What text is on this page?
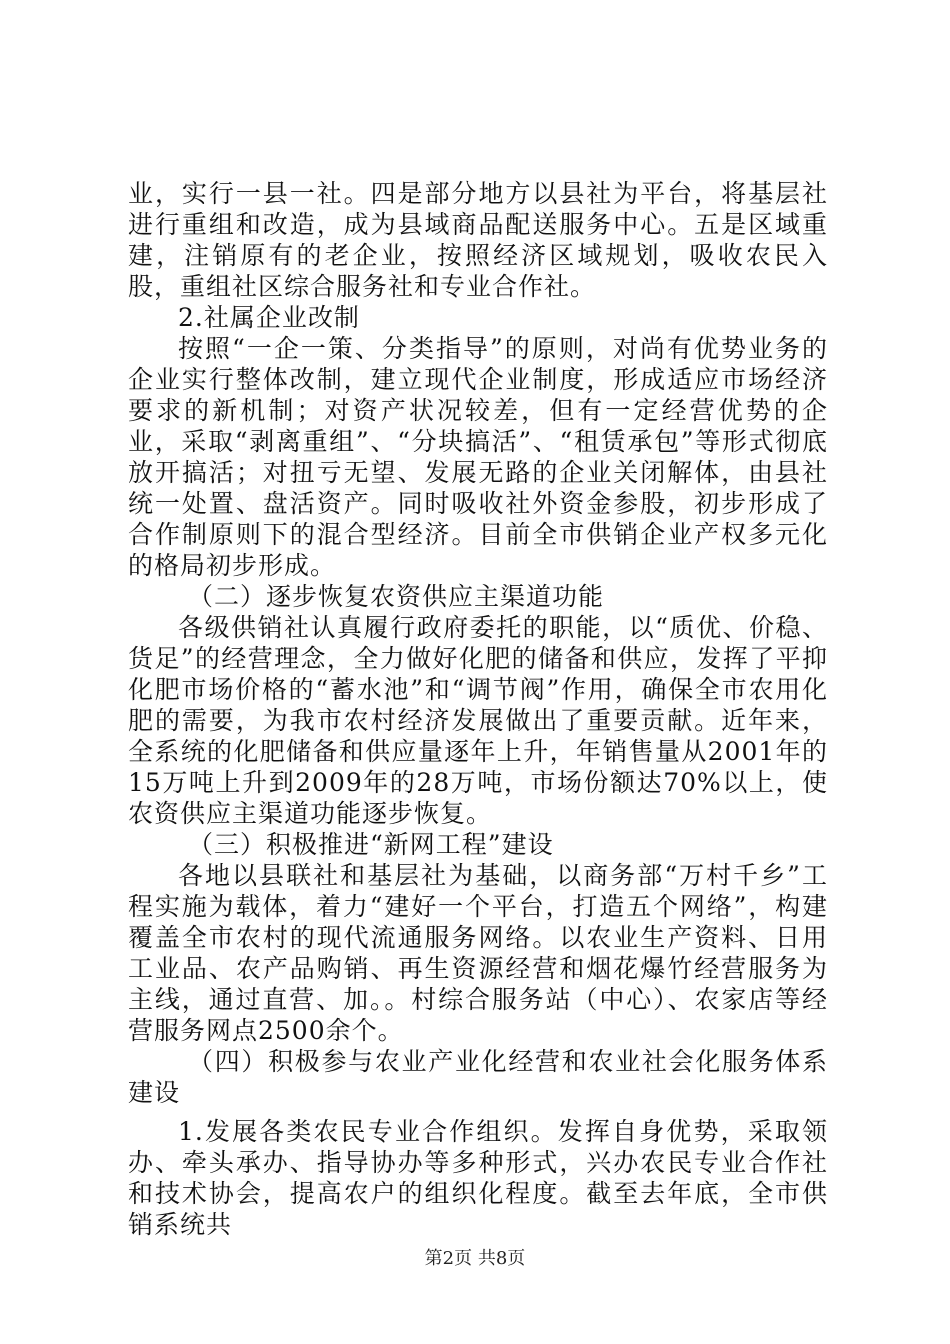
业，实行一县一社。四是部分地方以县社为平台，将基层社进行重组和改造，成为县域商品配送服务中心。五是区域重建，注销原有的老企业，按照经济区域规划，吸收农民入股，重组社区综合服务社和专业合作社。

2.社属企业改制

按照“一企一策、分类指导”的原则，对尚有优势业务的企业实行整体改制，建立现代企业制度，形成适应市场经济要求的新机制；对资产状况较差，但有一定经营优势的企业，采取“剥离重组”、“分块搞活”、“租赁承包”等形式彻底放开搞活；对扭亏无望、发展无路的企业关闭解体，由县社统一处置、盘活资产。同时吸收社外资金参股，初步形成了合作制原则下的混合型经济。目前全市供销企业产权多元化的格局初步形成。

（二）逐步恢复农资供应主渠道功能

各级供销社认真履行政府委托的职能，以“质优、价稳、货足”的经营理念，全力做好化肥的储备和供应，发挥了平抑化肥市场价格的“蓄水池”和“调节阀”作用，确保全市农用化肥的需要，为我市农村经济发展做出了重要贡献。近年来，全系统的化肥储备和供应量逐年上升，年销售量从2001年的15万吨上升到2009年的28万吨，市场份额达70%以上，使农资供应主渠道功能逐步恢复。

（三）积极推进“新网工程”建设

各地以县联社和基层社为基础，以商务部“万村千乡”工程实施为载体，着力“建好一个平台，打造五个网络”，构建覆盖全市农村的现代流通服务网络。以农业生产资料、日用工业品、农产品购销、再生资源经营和烟花爆竹经营服务为主线，通过直营、加。。村综合服务站（中心）、农家店等经营服务网点2500余个。

（四）积极参与农业产业化经营和农业社会化服务体系建设

1.发展各类农民专业合作组织。发挥自身优势，采取领办、牵头承办、指导协办等多种形式，兴办农民专业合作社和技术协会，提高农户的组织化程度。截至去年底，全市供销系统共

第2页 共8页
